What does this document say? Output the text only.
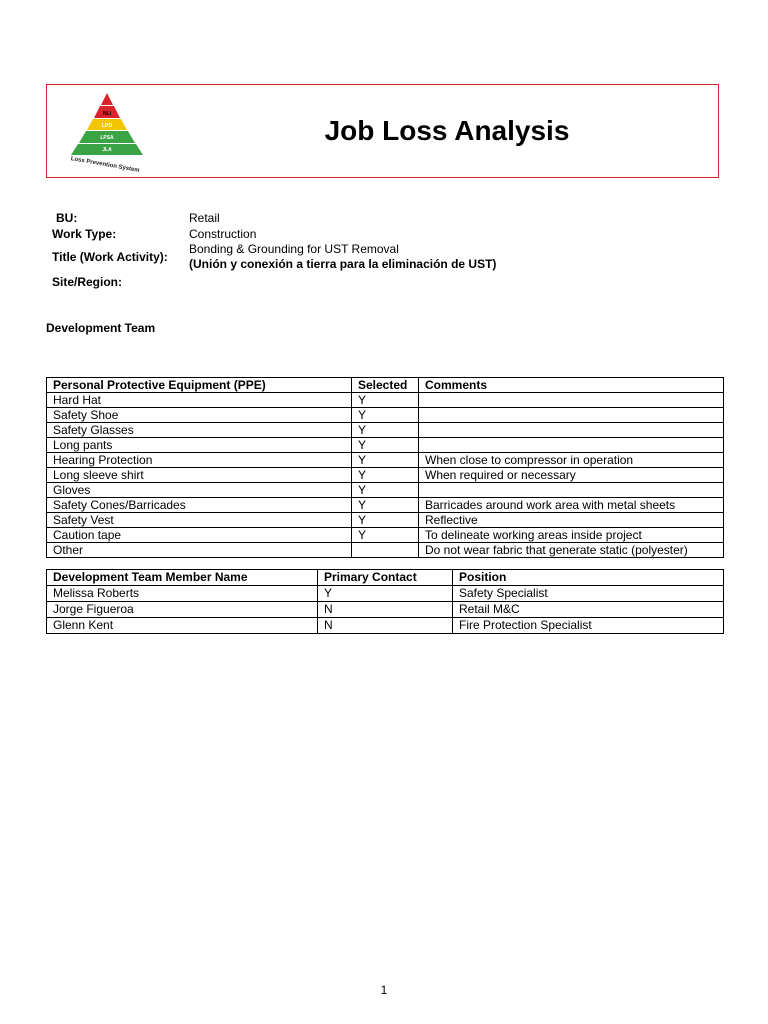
NLI
LPO
LPSA
JLA
Loss Prevention System
Job Loss Analysis
BU:	Retail
Work Type:	Construction
Title (Work Activity):
Bonding & Grounding for UST Removal
(Unión y conexión a tierra para la eliminación de UST)
Site/Region:
Development Team
Personal Protective Equipment (PPE)	Selected	Comments
Hard Hat	Y	
Safety Shoe	Y	
Safety Glasses	Y	
Long pants	Y	
Hearing Protection	Y	When close to compressor in operation
Long sleeve shirt	Y	When required or necessary
Gloves	Y	
Safety Cones/Barricades	Y	Barricades around work area with metal sheets
Safety Vest	Y	Reflective
Caution tape	Y	To delineate working areas inside project
Other		Do not wear fabric that generate static (polyester)
Development Team Member Name	Primary Contact	Position
Melissa Roberts	Y	Safety Specialist
Jorge Figueroa	N	Retail M&C
Glenn Kent	N	Fire Protection Specialist
1
